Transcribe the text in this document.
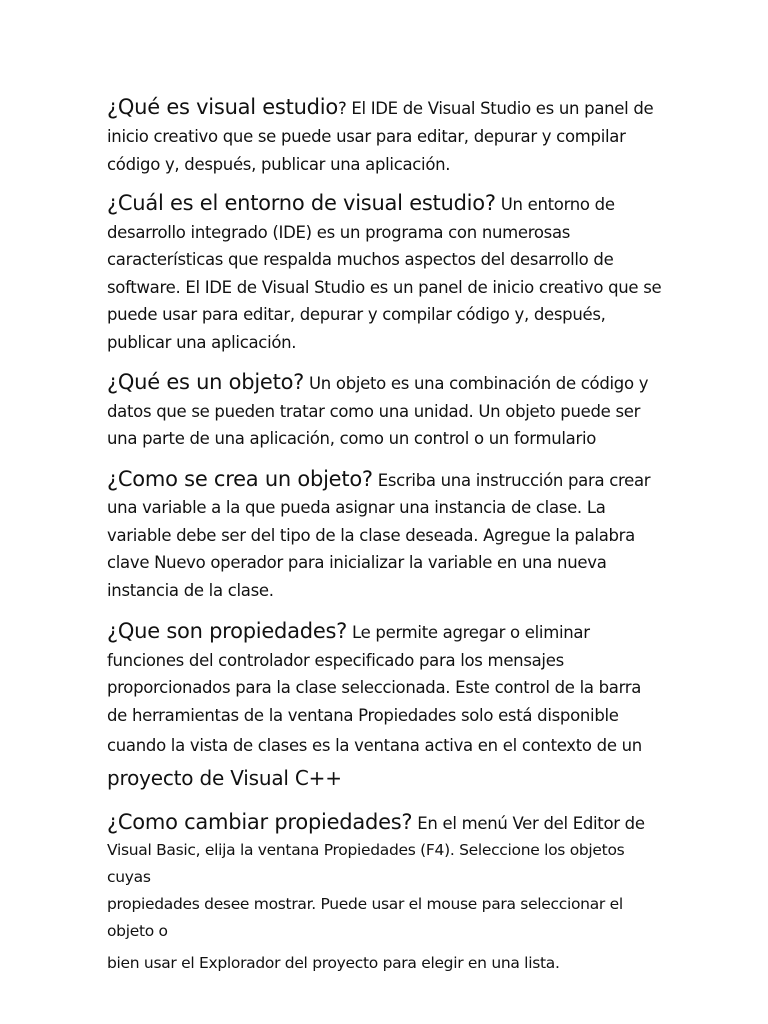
¿Qué es visual estudio? El IDE de Visual Studio es un panel de inicio creativo que se puede usar para editar, depurar y compilar código y, después, publicar una aplicación.

¿Cuál es el entorno de visual estudio? Un entorno de desarrollo integrado (IDE) es un programa con numerosas características que respalda muchos aspectos del desarrollo de software. El IDE de Visual Studio es un panel de inicio creativo que se puede usar para editar, depurar y compilar código y, después, publicar una aplicación.

¿Qué es un objeto? Un objeto es una combinación de código y datos que se pueden tratar como una unidad. Un objeto puede ser una parte de una aplicación, como un control o un formulario

¿Como se crea un objeto? Escriba una instrucción para crear una variable a la que pueda asignar una instancia de clase. La variable debe ser del tipo de la clase deseada. Agregue la palabra clave Nuevo operador para inicializar la variable en una nueva instancia de la clase.

¿Que son propiedades? Le permite agregar o eliminar
funciones del controlador especificado para los mensajes
proporcionados para la clase seleccionada. Este control de la barra
de herramientas de la ventana Propiedades solo está disponible
cuando la vista de clases es la ventana activa en el contexto de un
proyecto de Visual C++
¿Como cambiar propiedades? En el menú Ver del Editor de
Visual Basic, elija la ventana Propiedades (F4). Seleccione los objetos cuyas
propiedades desee mostrar. Puede usar el mouse para seleccionar el objeto o
bien usar el Explorador del proyecto para elegir en una lista.
